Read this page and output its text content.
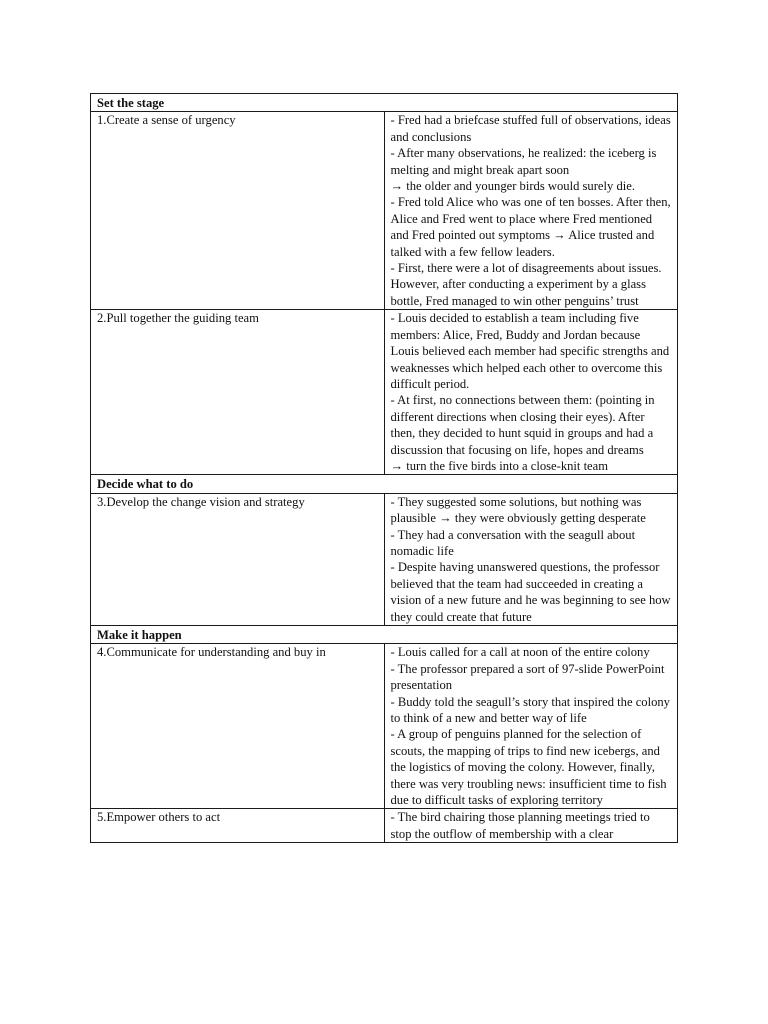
Set the stage	
1.Create a sense of urgency	- Fred had a briefcase stuffed full of observations, ideas and conclusions
- After many observations, he realized: the iceberg is melting and might break apart soon
→ the older and younger birds would surely die.
- Fred told Alice who was one of ten bosses. After then, Alice and Fred went to place where Fred mentioned and Fred pointed out symptoms → Alice trusted and talked with a few fellow leaders.
- First, there were a lot of disagreements about issues. However, after conducting a experiment by a glass bottle, Fred managed to win other penguins’ trust

2.Pull together the guiding team	- Louis decided to establish a team including five members: Alice, Fred, Buddy and Jordan because Louis believed each member had specific strengths and weaknesses which helped each other to overcome this difficult period.
- At first, no connections between them: (pointing in different directions when closing their eyes). After then, they decided to hunt squid in groups and had a discussion that focusing on life, hopes and dreams
→ turn the five birds into a close-knit team

Decide what to do	
3.Develop the change vision and strategy	- They suggested some solutions, but nothing was plausible → they were obviously getting desperate
- They had a conversation with the seagull about nomadic life
- Despite having unanswered questions, the professor believed that the team had succeeded in creating a vision of a new future and he was beginning to see how they could create that future

Make it happen	
4.Communicate for understanding and buy in	- Louis called for a call at noon of the entire colony
- The professor prepared a sort of 97-slide PowerPoint presentation
- Buddy told the seagull’s story that inspired the colony to think of a new and better way of life
- A group of penguins planned for the selection of scouts, the mapping of trips to find new icebergs, and the logistics of moving the colony. However, finally, there was very troubling news: insufficient time to fish due to difficult tasks of exploring territory

5.Empower others to act	- The bird chairing those planning meetings tried to stop the outflow of membership with a clear
